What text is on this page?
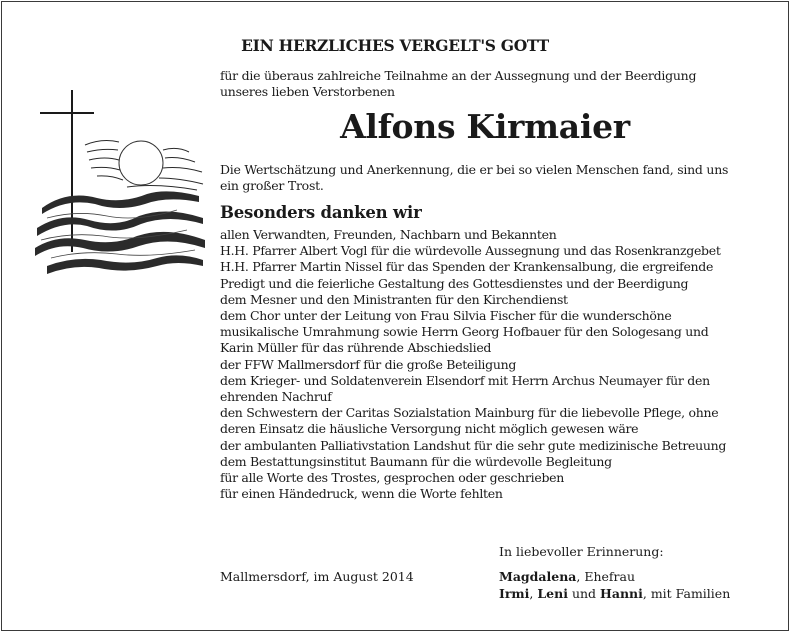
EIN HERZLICHES VERGELT'S GOTT
für die überaus zahlreiche Teilnahme an der Aussegnung und der Beerdigung
unseres lieben Verstorbenen
Alfons Kirmaier
Die Wertschätzung und Anerkennung, die er bei so vielen Menschen fand, sind uns
ein großer Trost.
Besonders danken wir
allen Verwandten, Freunden, Nachbarn und Bekannten
H.H. Pfarrer Albert Vogl für die würdevolle Aussegnung und das Rosenkranzgebet
H.H. Pfarrer Martin Nissel für das Spenden der Krankensalbung, die ergreifende
Predigt und die feierliche Gestaltung des Gottesdienstes und der Beerdigung
dem Mesner und den Ministranten für den Kirchendienst
dem Chor unter der Leitung von Frau Silvia Fischer für die wunderschöne
musikalische Umrahmung sowie Herrn Georg Hofbauer für den Sologesang und
Karin Müller für das rührende Abschiedslied
der FFW Mallmersdorf für die große Beteiligung
dem Krieger- und Soldatenverein Elsendorf mit Herrn Archus Neumayer für den
ehrenden Nachruf
den Schwestern der Caritas Sozialstation Mainburg für die liebevolle Pflege, ohne
deren Einsatz die häusliche Versorgung nicht möglich gewesen wäre
der ambulanten Palliativstation Landshut für die sehr gute medizinische Betreuung
dem Bestattungsinstitut Baumann für die würdevolle Begleitung
für alle Worte des Trostes, gesprochen oder geschrieben
für einen Händedruck, wenn die Worte fehlten
In liebevoller Erinnerung:
Mallmersdorf, im August 2014	Magdalena, Ehefrau
Irmi, Leni und Hanni, mit Familien
